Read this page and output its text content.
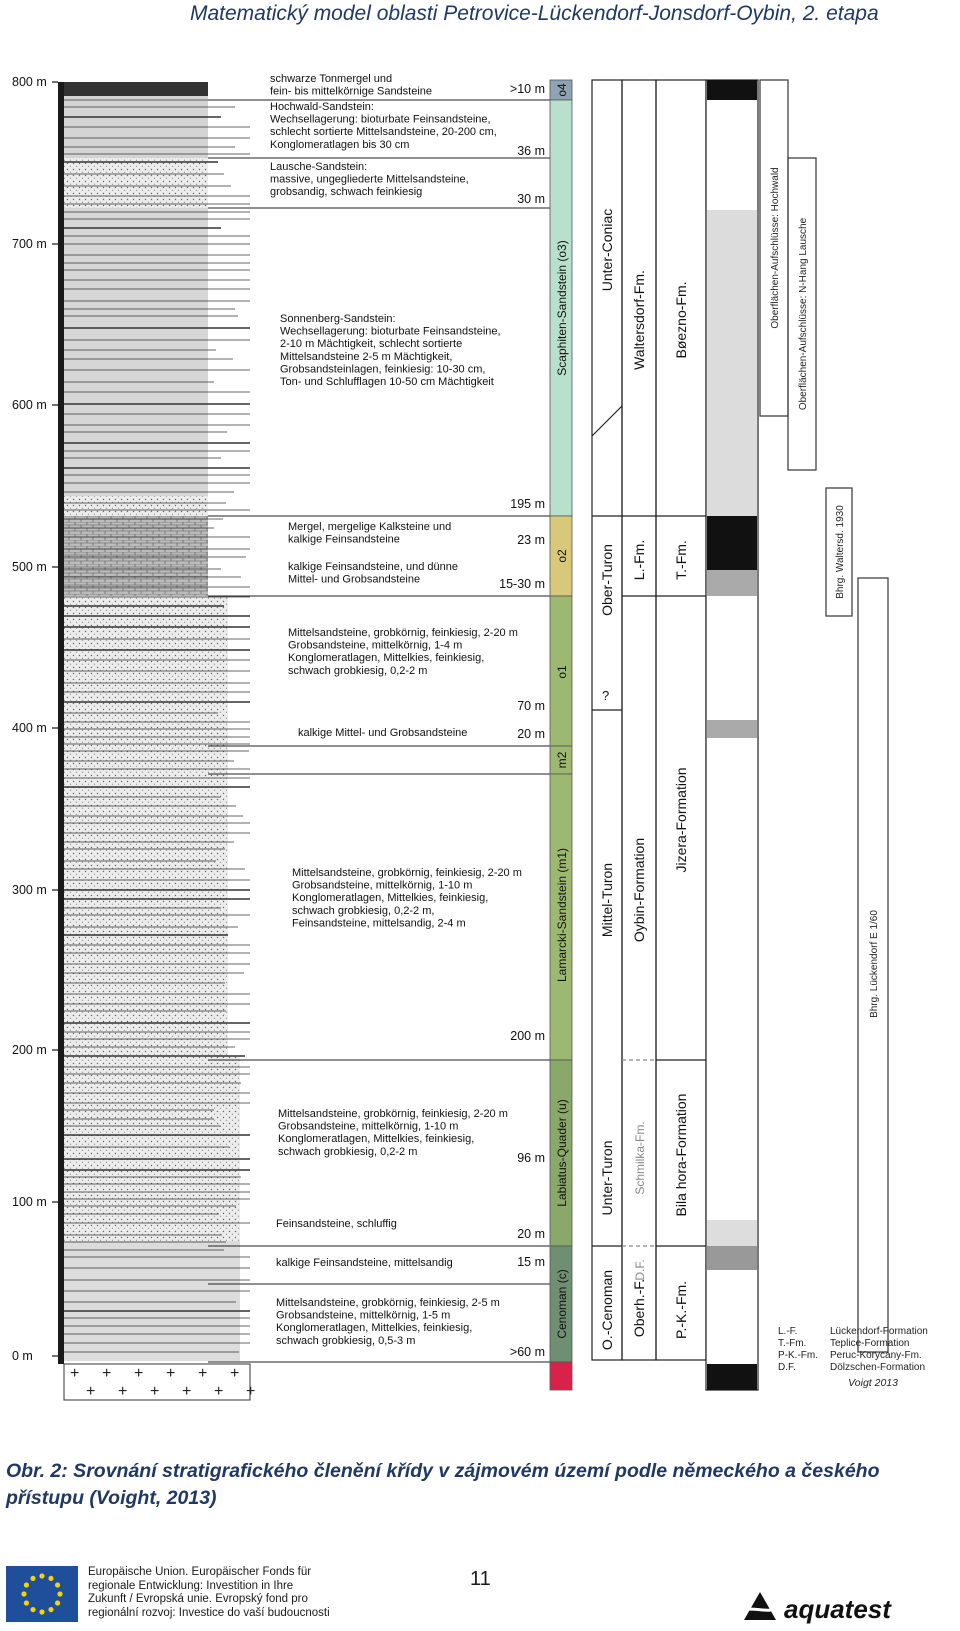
Matematický model oblasti Petrovice-Lückendorf-Jonsdorf-Oybin, 2. etapa
+ + + + + +
+ + + + + +
800 m
700 m
600 m
500 m
400 m
300 m
200 m
100 m
0 m
schwarze Tonmergel und fein- bis mittelkörnige Sandsteine
Hochwald-Sandstein: Wechsellagerung: bioturbate Feinsandsteine, schlecht sortierte Mittelsandsteine, 20-200 cm, Konglomeratlagen bis 30 cm
Lausche-Sandstein: massive, ungegliederte Mittelsandsteine, grobsandig, schwach feinkiesig
Sonnenberg-Sandstein: Wechsellagerung: bioturbate Feinsandsteine, 2-10 m Mächtigkeit, schlecht sortierte Mittelsandsteine 2-5 m Mächtigkeit, Grobsandsteinlagen, feinkiesig: 10-30 cm, Ton- und Schlufflagen 10-50 cm Mächtigkeit
Mergel, mergelige Kalksteine und kalkige Feinsandsteine
kalkige Feinsandsteine, und dünne Mittel- und Grobsandsteine
Mittelsandsteine, grobkörnig, feinkiesig, 2-20 m Grobsandsteine, mittelkörnig, 1-4 m Konglomeratlagen, Mittelkies, feinkiesig, schwach grobkiesig, 0,2-2 m
kalkige Mittel- und Grobsandsteine
Mittelsandsteine, grobkörnig, feinkiesig, 2-20 m Grobsandsteine, mittelkörnig, 1-10 m Konglomeratlagen, Mittelkies, feinkiesig, schwach grobkiesig, 0,2-2 m, Feinsandsteine, mittelsandig, 2-4 m
Mittelsandsteine, grobkörnig, feinkiesig, 2-20 m Grobsandsteine, mittelkörnig, 1-10 m Konglomeratlagen, Mittelkies, feinkiesig, schwach grobkiesig, 0,2-2 m
Feinsandsteine, schluffig
kalkige Feinsandsteine, mittelsandig
Mittelsandsteine, grobkörnig, feinkiesig, 2-5 m Grobsandsteine, mittelkörnig, 1-5 m Konglomeratlagen, Mittelkies, feinkiesig, schwach grobkiesig, 0,5-3 m
>10 m
36 m
30 m
195 m
23 m
15-30 m
70 m
20 m
200 m
96 m
20 m
15 m
>60 m
o4
Scaphiten-Sandstein (o3)
o2
o1
m2
Lamarcki-Sandstein (m1)
Labiatus-Quader (u)
Cenoman (c)
Unter-Coniac
Ober-Turon
?
Mittel-Turon
Unter-Turon
O.-Cenoman
Waltersdorf-Fm.
L.-Fm.
Oybin-Formation
Schmilka-Fm.
Oberh.-F.
D.F.
Bøezno-Fm.
T.-Fm.
Jizera-Formation
Bila hora-Formation
P.-K.-Fm.
Oberflächen-Aufschlüsse: Hochwald Oberflächen-Aufschlüsse: N-Hang Lausche
Bhrg. Waltersd. 1930
Bhrg. Lückendorf E 1/60
L.-F.	Lückendorf-Formation
T.-Fm. Teplice-Formation
P-K.-Fm. Peruc-Korycany-Fm.
D.F.	Dölzschen-Formation
Voigt 2013
Obr. 2: Srovnání stratigrafického členění křídy v zájmovém území podle německého a českého přístupu (Voight, 2013)
Europäische Union. Europäischer Fonds für
regionale Entwicklung: Investition in Ihre
Zukunft / Evropská unie. Evropský fond pro
regionální rozvoj: Investice do vaší budoucnosti
11
aquatest
